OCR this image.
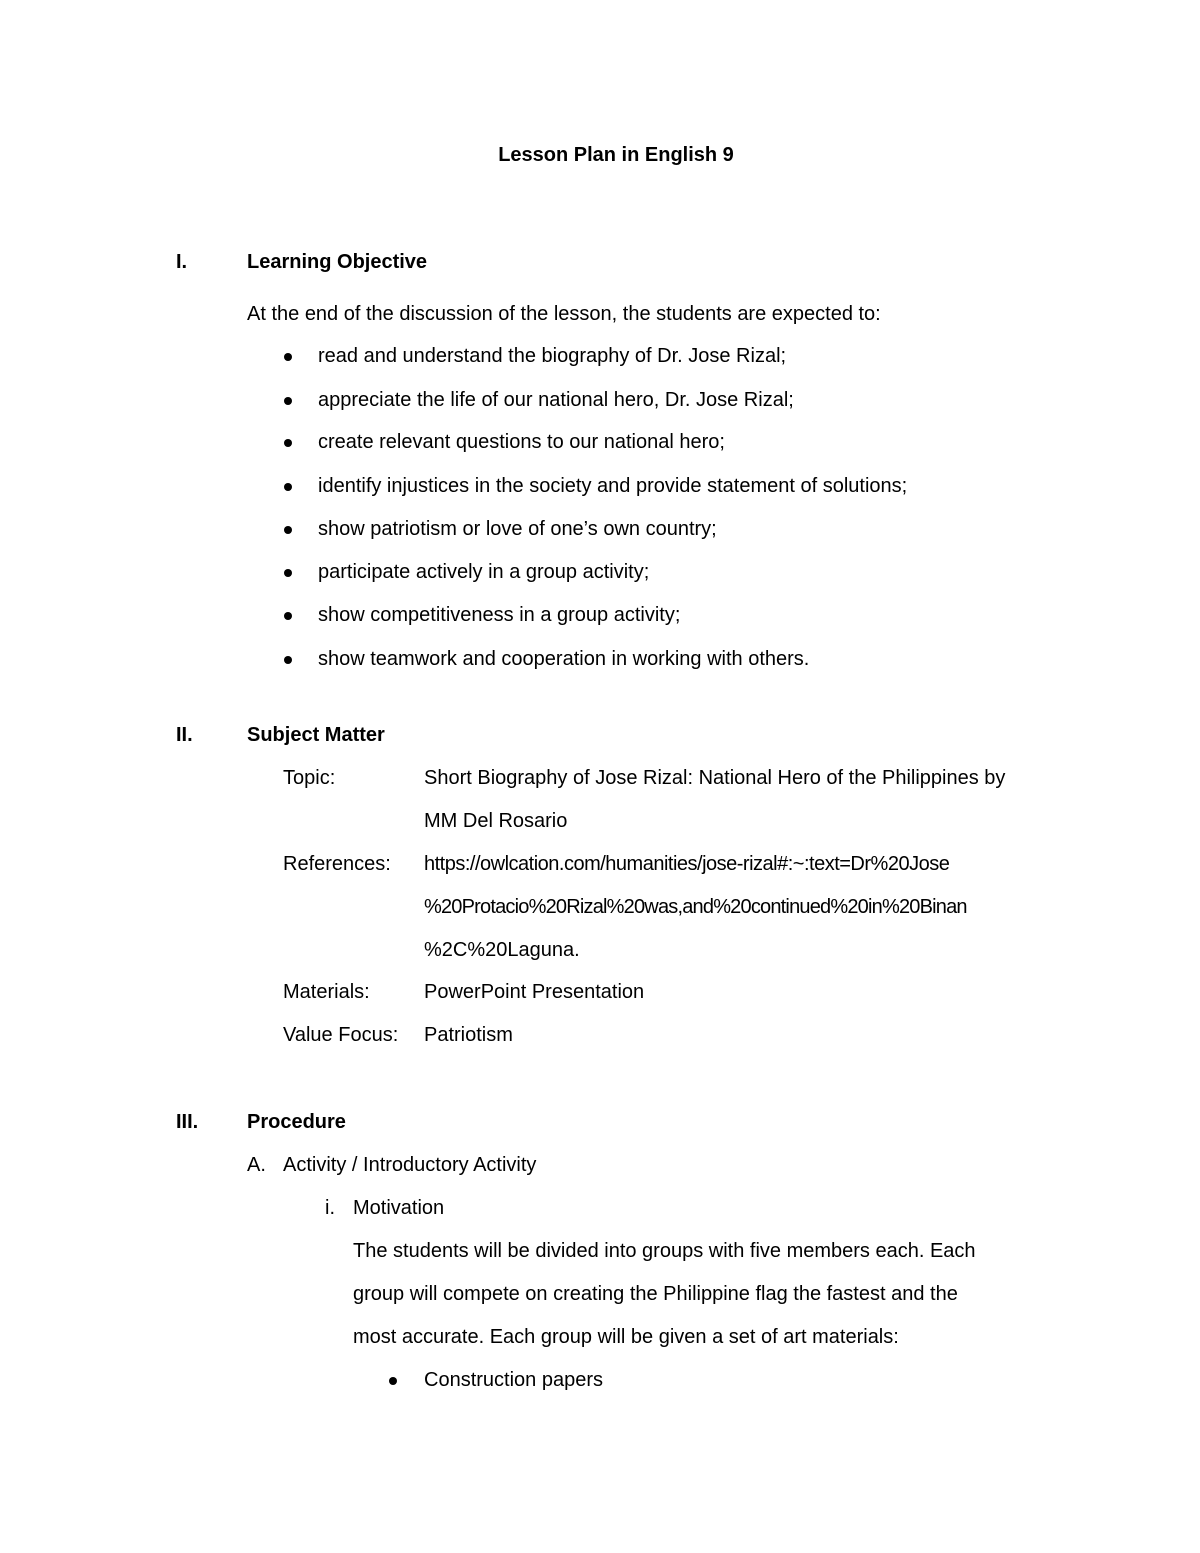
Lesson Plan in English 9
I.	Learning Objective
At the end of the discussion of the lesson, the students are expected to:
read and understand the biography of Dr. Jose Rizal;
appreciate the life of our national hero, Dr. Jose Rizal;
create relevant questions to our national hero;
identify injustices in the society and provide statement of solutions;
show patriotism or love of one’s own country;
participate actively in a group activity;
show competitiveness in a group activity;
show teamwork and cooperation in working with others.
II.	Subject Matter
Topic:	Short Biography of Jose Rizal: National Hero of the Philippines by
MM Del Rosario
References: https://owlcation.com/humanities/jose-rizal#:~:text=Dr%20Jose
%20Protacio%20Rizal%20was,and%20continued%20in%20Binan
%2C%20Laguna.
Materials:	PowerPoint Presentation
Value Focus: Patriotism
III. Procedure
A. Activity / Introductory Activity
i. Motivation
The students will be divided into groups with five members each. Each
group will compete on creating the Philippine flag the fastest and the
most accurate. Each group will be given a set of art materials:
Construction papers
